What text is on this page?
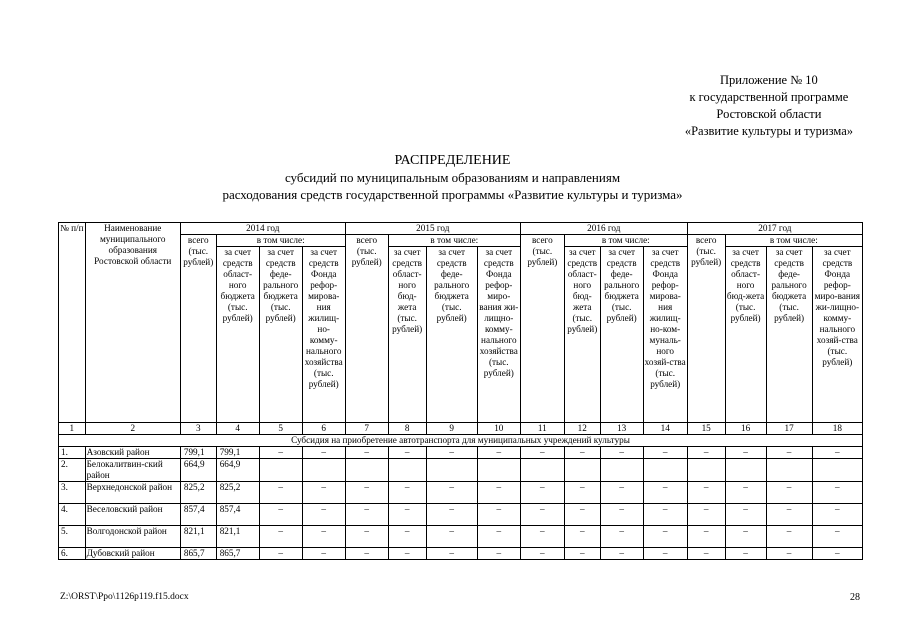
Приложение № 10
к государственной программе
Ростовской области
«Развитие культуры и туризма»
РАСПРЕДЕЛЕНИЕ
субсидий по муниципальным образованиям и направлениям
расходования средств государственной программы «Развитие культуры и туризма»
№ п/п	Наименование муниципального образования Ростовской области	2014 год				2015 год				2016 год				2017 год			
		всего (тыс. рублей)	в том числе:			всего (тыс. рублей)	в том числе:			всего (тыс. рублей)	в том числе:			всего (тыс. рублей)	в том числе:		
			за счет средств област-ного бюджета (тыс. рублей)	за счет средств феде-рального бюджета (тыс. рублей)	за счет средств Фонда рефор-мирова-ния жилищ-но-комму-нального хозяйства (тыс. рублей)		за счет средств област-ного бюд-жета (тыс. рублей)	за счет средств феде-рального бюджета (тыс. рублей)	за счет средств Фонда рефор-миро-вания жи-лищно-комму-нального хозяйства (тыс. рублей)		за счет средств област-ного бюд-жета (тыс. рублей)	за счет средств феде-рального бюджета (тыс. рублей)	за счет средств Фонда рефор-мирова-ния жилищ-но-ком-муналь-ного хозяй-ства (тыс. рублей)		за счет средств област-ного бюд-жета (тыс. рублей)	за счет средств феде-рального бюджета (тыс. рублей)	за счет средств Фонда рефор-миро-вания жи-лищно-комму-нального хозяй-ства (тыс. рублей)
1	2	3	4	5	6	7	8	9	10	11	12	13	14	15	16	17	18
Субсидия на приобретение автотранспорта для муниципальных учреждений культуры																	
1.	Азовский район	799,1	799,1	–	–	–	–	–	–	–	–	–	–	–	–	–	–
2.	Белокалитвин-ский район	664,9	664,9														
3.	Верхнедонской район	825,2	825,2	–	–	–	–	–	–	–	–	–	–	–	–	–	–
4.	Веселовский район	857,4	857,4	–	–	–	–	–	–	–	–	–	–	–	–	–	–
5.	Волгодонской район	821,1	821,1	–	–	–	–	–	–	–	–	–	–	–	–	–	–
6.	Дубовский район	865,7	865,7	–	–	–	–	–	–	–	–	–	–	–	–	–	–
Z:\ORST\Ppo\1126p119.f15.docx	28
